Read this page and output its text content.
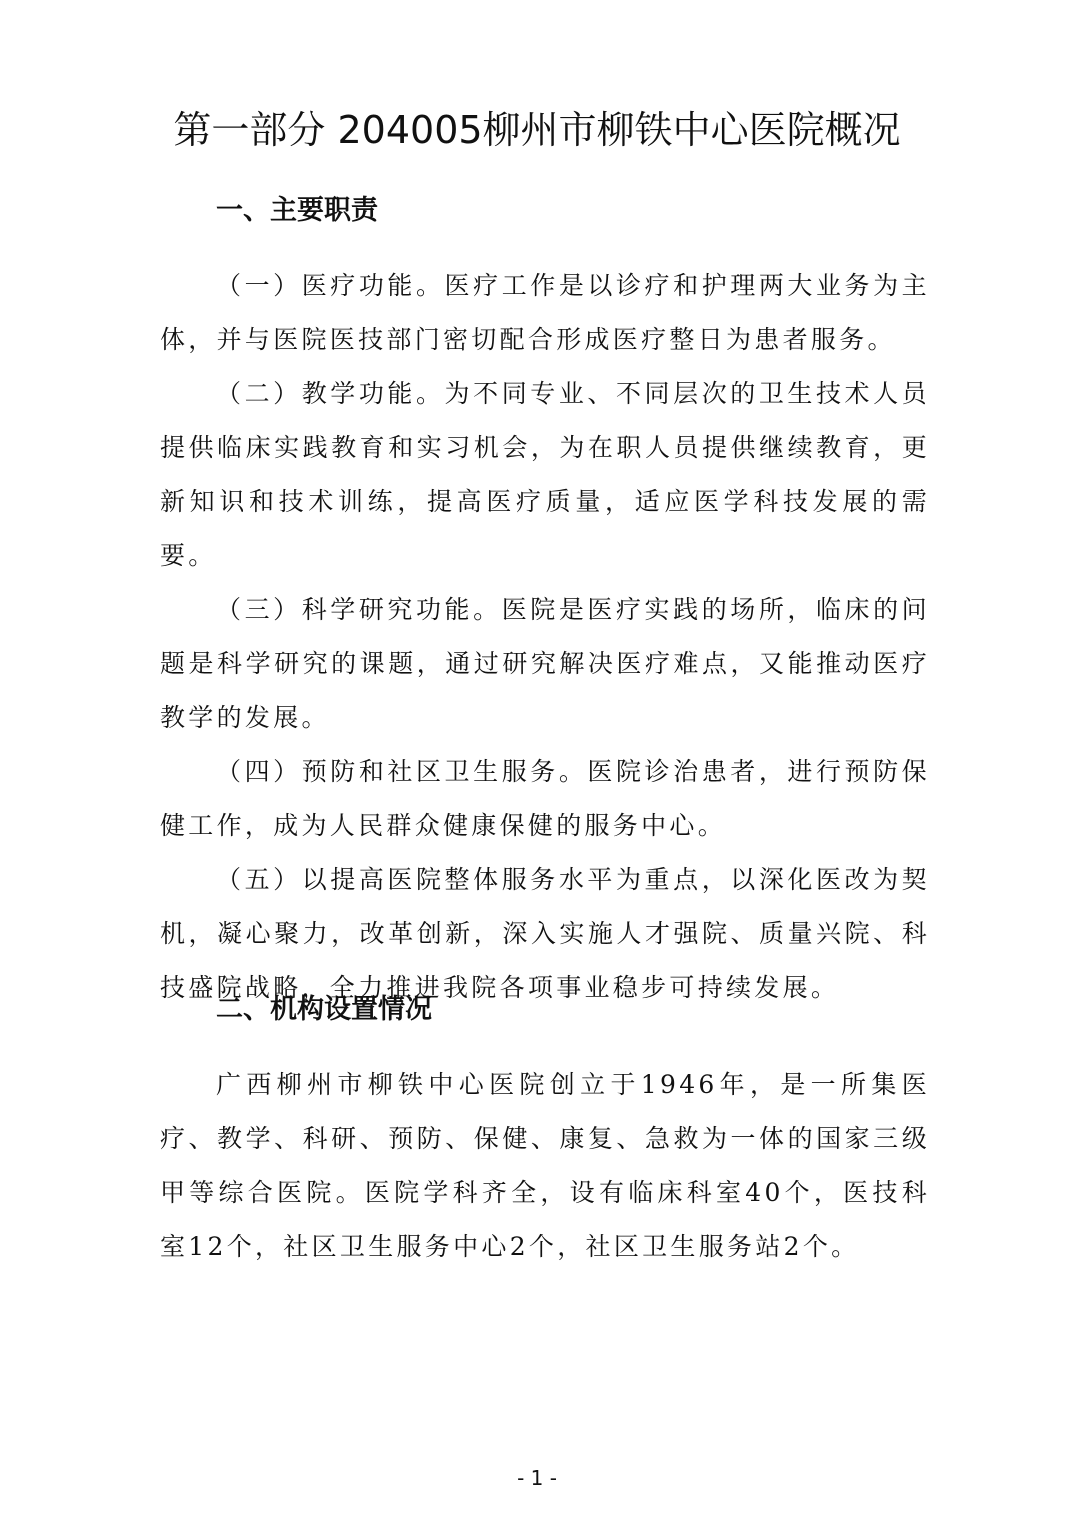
第一部分 204005柳州市柳铁中心医院概况
一、主要职责

（一）医疗功能。医疗工作是以诊疗和护理两大业务为主体，并与医院医技部门密切配合形成医疗整日为患者服务。

（二）教学功能。为不同专业、不同层次的卫生技术人员提供临床实践教育和实习机会，为在职人员提供继续教育，更新知识和技术训练，提高医疗质量，适应医学科技发展的需要。

（三）科学研究功能。医院是医疗实践的场所，临床的问题是科学研究的课题，通过研究解决医疗难点，又能推动医疗教学的发展。

（四）预防和社区卫生服务。医院诊治患者，进行预防保健工作，成为人民群众健康保健的服务中心。

（五）以提高医院整体服务水平为重点，以深化医改为契机，凝心聚力，改革创新，深入实施人才强院、质量兴院、科技盛院战略，全力推进我院各项事业稳步可持续发展。

二、机构设置情况

广西柳州市柳铁中心医院创立于1946年，是一所集医疗、教学、科研、预防、保健、康复、急救为一体的国家三级甲等综合医院。医院学科齐全，设有临床科室40个，医技科室12个，社区卫生服务中心2个，社区卫生服务站2个。

- 1 -
